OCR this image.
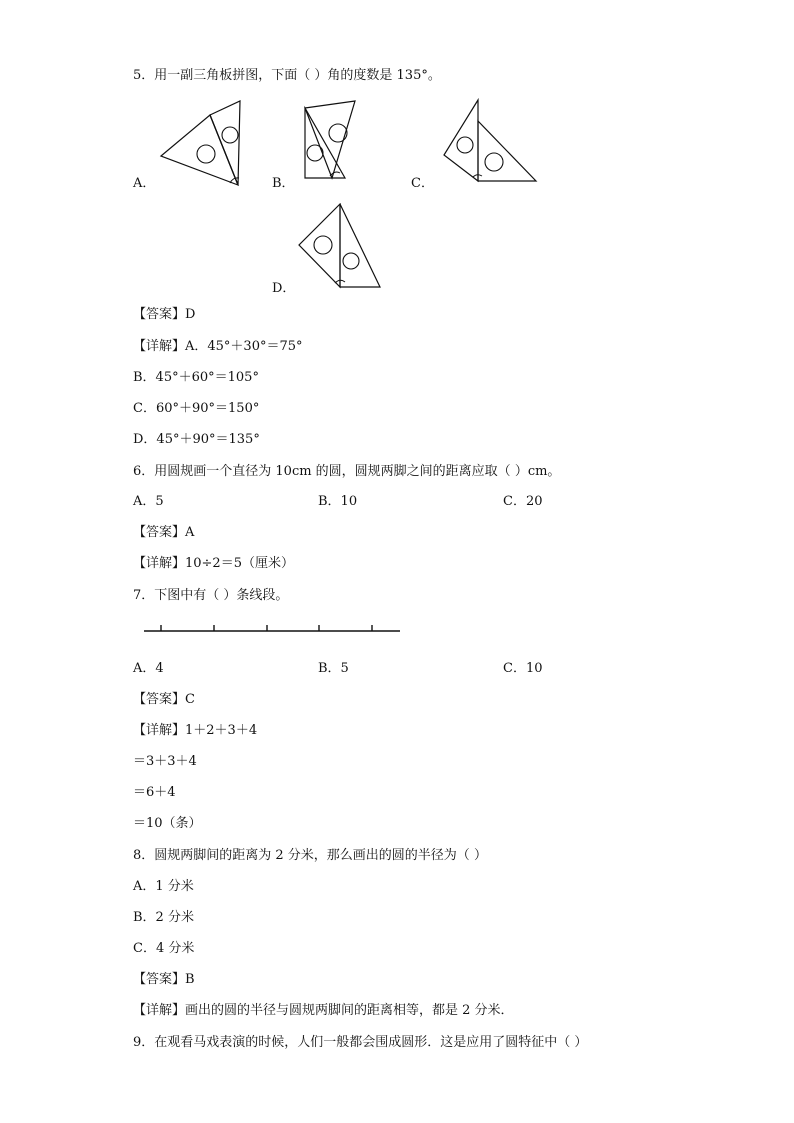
5．用一副三角板拼图，下面（ ）角的度数是 135°。
A．	B．	C．
D．
【答案】D
【详解】A．45°＋30°＝75°
B．45°＋60°＝105°
C．60°＋90°＝150°
D．45°＋90°＝135°
6．用圆规画一个直径为 10cm 的圆，圆规两脚之间的距离应取（ ）cm。
A．5	B．10	C．20
【答案】A
【详解】10÷2＝5（厘米）
7．下图中有（ ）条线段。
A．4	B．5	C．10
【答案】C
【详解】1＋2＋3＋4
＝3＋3＋4
＝6＋4
＝10（条）
8．圆规两脚间的距离为 2 分米，那么画出的圆的半径为（ ）
A．1 分米
B．2 分米
C．4 分米
【答案】B
【详解】画出的圆的半径与圆规两脚间的距离相等，都是 2 分米．
9．在观看马戏表演的时候，人们一般都会围成圆形．这是应用了圆特征中（ ）
